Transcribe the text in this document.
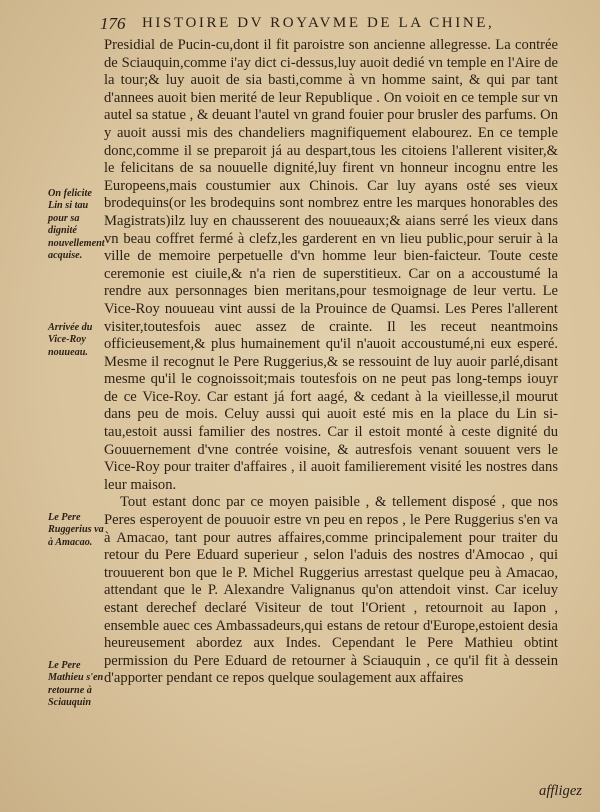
176 HISTOIRE DV ROYAVME DE LA CHINE,
On felicite Lin si tau pour sa dignité nouvellement acquise.
Arrivée du Vice-Roy nouueau.
Le Pere Ruggerius va à Amacao.
Le Pere Mathieu s'en retourne à Sciauquin

Presidial de Pucin-cu,dont il fit paroistre son ancienne allegresse. La contrée de Sciauquin,comme i'ay dict ci-dessus,luy auoit dedié vn temple en l'Aire de la tour;& luy auoit de sia basti,comme à vn homme saint, & qui par tant d'annees auoit bien merité de leur Republique . On voioit en ce temple sur vn autel sa statue , & deuant l'autel vn grand fouier pour brusler des parfums. On y auoit aussi mis des chandeliers magnifiquement elabourez. En ce temple donc,comme il se preparoit já au despart,tous les citoiens l'allerent visiter,& le felicitans de sa nouuelle dignité,luy firent vn honneur incognu entre les Europeens,mais coustumier aux Chinois. Car luy ayans osté ses vieux brodequins(or les brodequins sont nombrez entre les marques honorables des Magistrats)ilz luy en chausserent des nouueaux;& aians serré les vieux dans vn beau coffret fermé à clefz,les garderent en vn lieu public,pour seruir à la ville de memoire perpetuelle d'vn homme leur bien-faicteur. Toute ceste ceremonie est ciuile,& n'a rien de superstitieux. Car on a accoustumé la rendre aux personnages bien meritans,pour tesmoignage de leur vertu. Le Vice-Roy nouueau vint aussi de la Prouince de Quamsi. Les Peres l'allerent visiter,toutesfois auec assez de crainte. Il les receut neantmoins officieusement,& plus humainement qu'il n'auoit accoustumé,ni eux esperé. Mesme il recognut le Pere Ruggerius,& se ressouint de luy auoir parlé,disant mesme qu'il le cognoissoit;mais toutesfois on ne peut pas long-temps iouyr de ce Vice-Roy. Car estant já fort aagé, & cedant à la vieillesse,il mourut dans peu de mois. Celuy aussi qui auoit esté mis en la place du Lin si-tau,estoit aussi familier des nostres. Car il estoit monté à ceste dignité du Gouuernement d'vne contrée voisine, & autresfois venant souuent vers le Vice-Roy pour traiter d'affaires , il auoit familierement visité les nostres dans leur maison.

Tout estant donc par ce moyen paisible , & tellement disposé , que nos Peres esperoyent de pouuoir estre vn peu en repos , le Pere Ruggerius s'en va à Amacao, tant pour autres affaires,comme principalement pour traiter du retour du Pere Eduard superieur , selon l'aduis des nostres d'Amocao , qui trouuerent bon que le P. Michel Ruggerius arrestast quelque peu à Amacao, attendant que le P. Alexandre Valignanus qu'on attendoit vinst. Car iceluy estant derechef declaré Visiteur de tout l'Orient , retournoit au Iapon , ensemble auec ces Ambassadeurs,qui estans de retour d'Europe,estoient desia heureusement abordez aux Indes. Cependant le Pere Mathieu obtint permission du Pere Eduard de retourner à Sciauquin , ce qu'il fit à dessein d'apporter pendant ce repos quelque soulagement aux affaires

affligez
